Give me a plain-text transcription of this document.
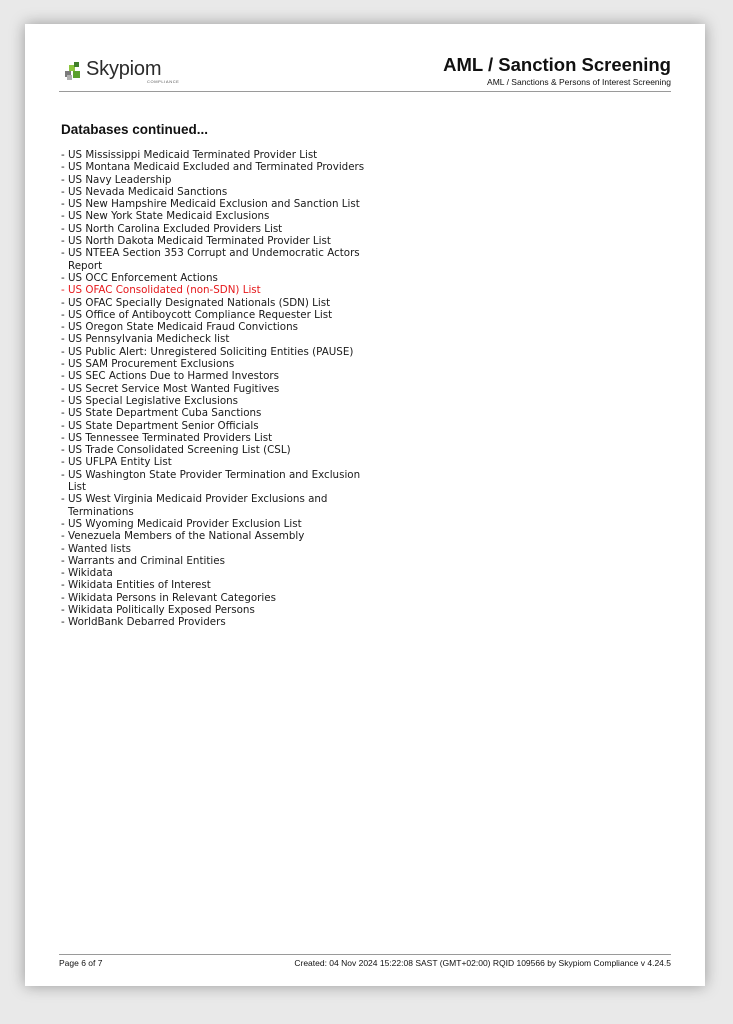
Skypiom
COMPLIANCE
AML / Sanction Screening
AML / Sanctions & Persons of Interest Screening
Databases continued...
- US Mississippi Medicaid Terminated Provider List
- US Montana Medicaid Excluded and Terminated Providers
- US Navy Leadership
- US Nevada Medicaid Sanctions
- US New Hampshire Medicaid Exclusion and Sanction List
- US New York State Medicaid Exclusions
- US North Carolina Excluded Providers List
- US North Dakota Medicaid Terminated Provider List
- US NTEEA Section 353 Corrupt and Undemocratic Actors Report
- US OCC Enforcement Actions
- US OFAC Consolidated (non-SDN) List
- US OFAC Specially Designated Nationals (SDN) List
- US Office of Antiboycott Compliance Requester List
- US Oregon State Medicaid Fraud Convictions
- US Pennsylvania Medicheck list
- US Public Alert: Unregistered Soliciting Entities (PAUSE)
- US SAM Procurement Exclusions
- US SEC Actions Due to Harmed Investors
- US Secret Service Most Wanted Fugitives
- US Special Legislative Exclusions
- US State Department Cuba Sanctions
- US State Department Senior Officials
- US Tennessee Terminated Providers List
- US Trade Consolidated Screening List (CSL)
- US UFLPA Entity List
- US Washington State Provider Termination and Exclusion List
- US West Virginia Medicaid Provider Exclusions and Terminations
- US Wyoming Medicaid Provider Exclusion List
- Venezuela Members of the National Assembly
- Wanted lists
- Warrants and Criminal Entities
- Wikidata
- Wikidata Entities of Interest
- Wikidata Persons in Relevant Categories
- Wikidata Politically Exposed Persons
- WorldBank Debarred Providers
Page 6 of 7	Created: 04 Nov 2024 15:22:08 SAST (GMT+02:00) RQID 109566 by Skypiom Compliance v 4.24.5
